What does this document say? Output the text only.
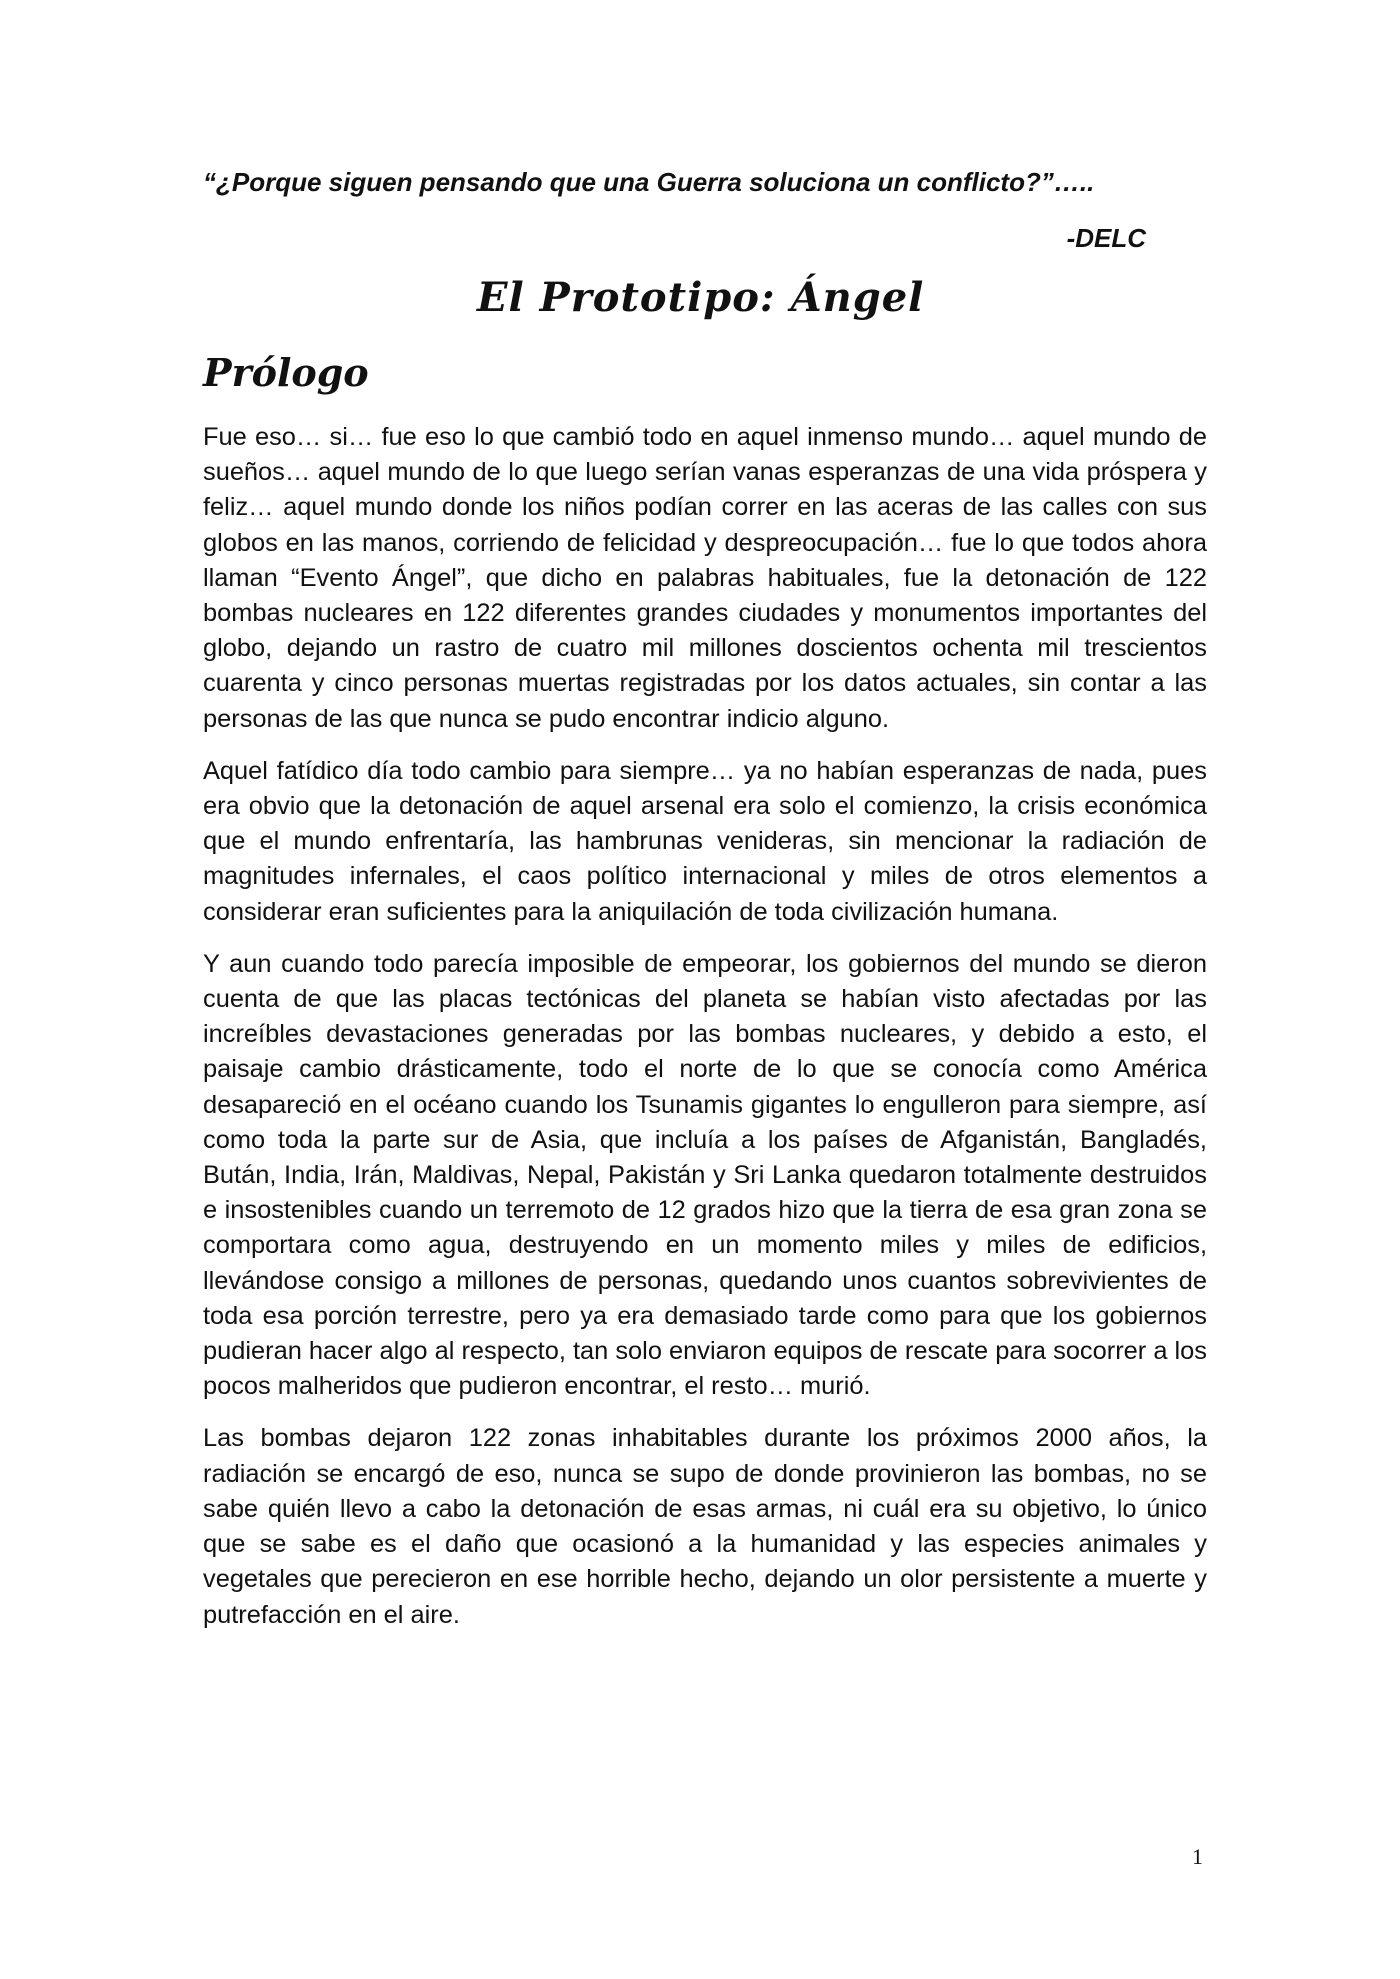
“¿Porque siguen pensando que una Guerra soluciona un conflicto?”…..
-DELC
El Prototipo: Ángel
Prólogo

Fue eso… si… fue eso lo que cambió todo en aquel inmenso mundo… aquel mundo de sueños… aquel mundo de lo que luego serían vanas esperanzas de una vida próspera y feliz… aquel mundo donde los niños podían correr en las aceras de las calles con sus globos en las manos, corriendo de felicidad y despreocupación… fue lo que todos ahora llaman “Evento Ángel”, que dicho en palabras habituales, fue la detonación de 122 bombas nucleares en 122 diferentes grandes ciudades y monumentos importantes del globo, dejando un rastro de cuatro mil millones doscientos ochenta mil trescientos cuarenta y cinco personas muertas registradas por los datos actuales, sin contar a las personas de las que nunca se pudo encontrar indicio alguno.

Aquel fatídico día todo cambio para siempre… ya no habían esperanzas de nada, pues era obvio que la detonación de aquel arsenal era solo el comienzo, la crisis económica que el mundo enfrentaría, las hambrunas venideras, sin mencionar la radiación de magnitudes infernales, el caos político internacional y miles de otros elementos a considerar eran suficientes para la aniquilación de toda civilización humana.

Y aun cuando todo parecía imposible de empeorar, los gobiernos del mundo se dieron cuenta de que las placas tectónicas del planeta se habían visto afectadas por las increíbles devastaciones generadas por las bombas nucleares, y debido a esto, el paisaje cambio drásticamente, todo el norte de lo que se conocía como América desapareció en el océano cuando los Tsunamis gigantes lo engulleron para siempre, así como toda la parte sur de Asia, que incluía a los países de Afganistán, Bangladés, Bután, India, Irán, Maldivas, Nepal, Pakistán y Sri Lanka quedaron totalmente destruidos e insostenibles cuando un terremoto de 12 grados hizo que la tierra de esa gran zona se comportara como agua, destruyendo en un momento miles y miles de edificios, llevándose consigo a millones de personas, quedando unos cuantos sobrevivientes de toda esa porción terrestre, pero ya era demasiado tarde como para que los gobiernos pudieran hacer algo al respecto, tan solo enviaron equipos de rescate para socorrer a los pocos malheridos que pudieron encontrar, el resto… murió.

Las bombas dejaron 122 zonas inhabitables durante los próximos 2000 años, la radiación se encargó de eso, nunca se supo de donde provinieron las bombas, no se sabe quién llevo a cabo la detonación de esas armas, ni cuál era su objetivo, lo único que se sabe es el daño que ocasionó a la humanidad y las especies animales y vegetales que perecieron en ese horrible hecho, dejando un olor persistente a muerte y putrefacción en el aire.

1
